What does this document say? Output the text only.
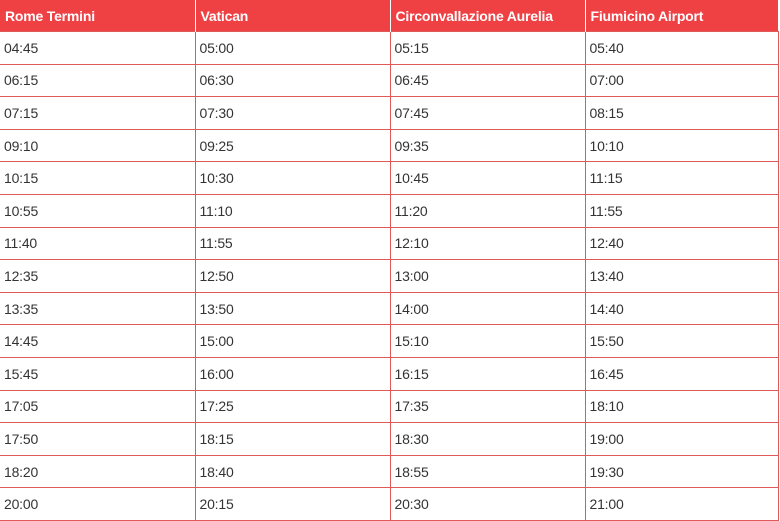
Rome Termini	Vatican	Circonvallazione Aurelia	Fiumicino Airport
04:45	05:00	05:15	05:40
06:15	06:30	06:45	07:00
07:15	07:30	07:45	08:15
09:10	09:25	09:35	10:10
10:15	10:30	10:45	11:15
10:55	11:10	11:20	11:55
11:40	11:55	12:10	12:40
12:35	12:50	13:00	13:40
13:35	13:50	14:00	14:40
14:45	15:00	15:10	15:50
15:45	16:00	16:15	16:45
17:05	17:25	17:35	18:10
17:50	18:15	18:30	19:00
18:20	18:40	18:55	19:30
20:00	20:15	20:30	21:00
